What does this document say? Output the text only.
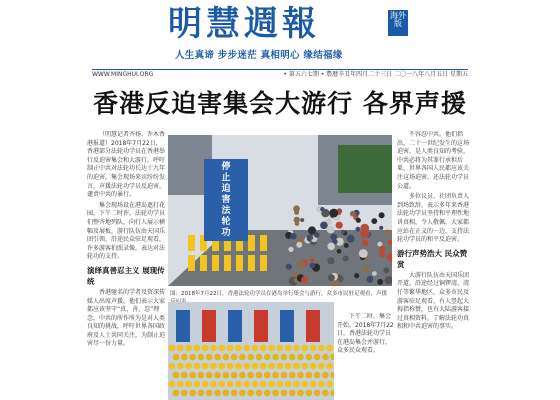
明慧週報	海外版
人生真谛 步步迷茫 真相明心 缘结福缘
WWW.MINGHUI.ORG	• 第五六七期 • 農曆辛丑年四月二十三日 二〇一八年八月五日 星期五
香港反迫害集会大游行 各界声援

（明慧记者齐扬、乔木香港报道）2018年7月22日，香港部分法轮功学员在香港举行反迫害集会和大游行，呼吁制止中共对法轮功长达十九年的迫害。集会现场来宾纷纷发言，声援法轮功学员反迫害，谴责中共的暴行。

集会现场设在港岛遮打花园，下午二时许，法轮功学员们整齐地列队，向行人展示横幅及展板，游行队伍由天国乐团引领，沿途民众驻足观看，许多游客拍照录像，表达对法轮功的支持。

演绎真善忍主义 展现传统

香港驰名的学者及资深传媒人出席声援，他们表示大家都应该坚守“真、善、忍”理念，中共的所作所为是对人类良知的挑战，呼吁世界各国政府及人士共同关注，为制止迫害尽一份力量。

停止迫害法轮功
图：2018年7月22日，香港法轮功学员在港岛举行集会与游行，众多市民驻足观看，声援

下午二时，集会开始。2018年7月22日，香港法轮功学员在港岛集会并游行，众多民众观看。

不容忍中共。他们指出，二十一世纪发生的这场迫害，是人类良知的考验，中共必将为其罪行承担后果，世界各国人民都应该关注这场迫害，还法轮功学员公道。

多位议员、社团负责人到场致辞，表示多年来香港法轮功学员坚持和平理性地讲真相，令人敬佩，大家都应站在正义的一边，支持法轮功学员的和平反迫害。

游行声势浩大 民众赞赏

大游行队伍由天国乐团开道，沿途经过铜锣湾、湾仔等繁华地区，众多市民及游客驻足观看，有人竖起大拇指称赞，也有大陆游客接过真相资料，了解法轮功真相和中共迫害的事实。
